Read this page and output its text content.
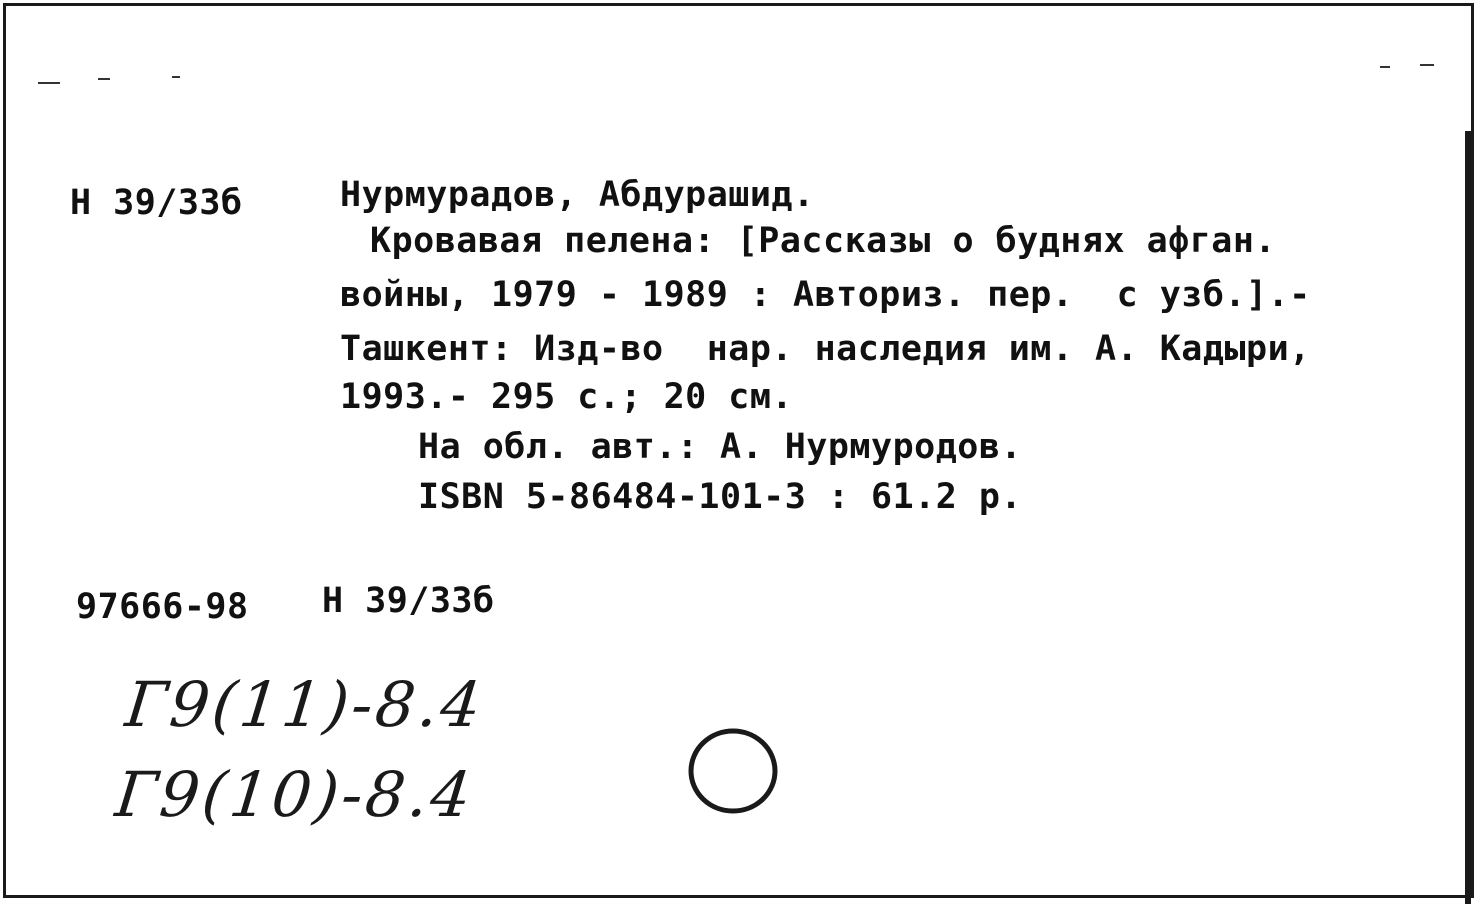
Н 39/33б	Нурмурадов, Абдурашид.
Кровавая пелена: [Рассказы о буднях афган.
войны, 1979 - 1989 : Авториз. пер.  с узб.].-
Ташкент: Изд-во  нар. наследия им. А. Кадыри,
1993.- 295 с.; 20 см.
На обл. авт.: А. Нурмуродов.
ISBN 5-86484-101-3 : 61.2 р.
97666-98 Н 39/33б
Г9(11)-8.4
Г9(10)-8.4
